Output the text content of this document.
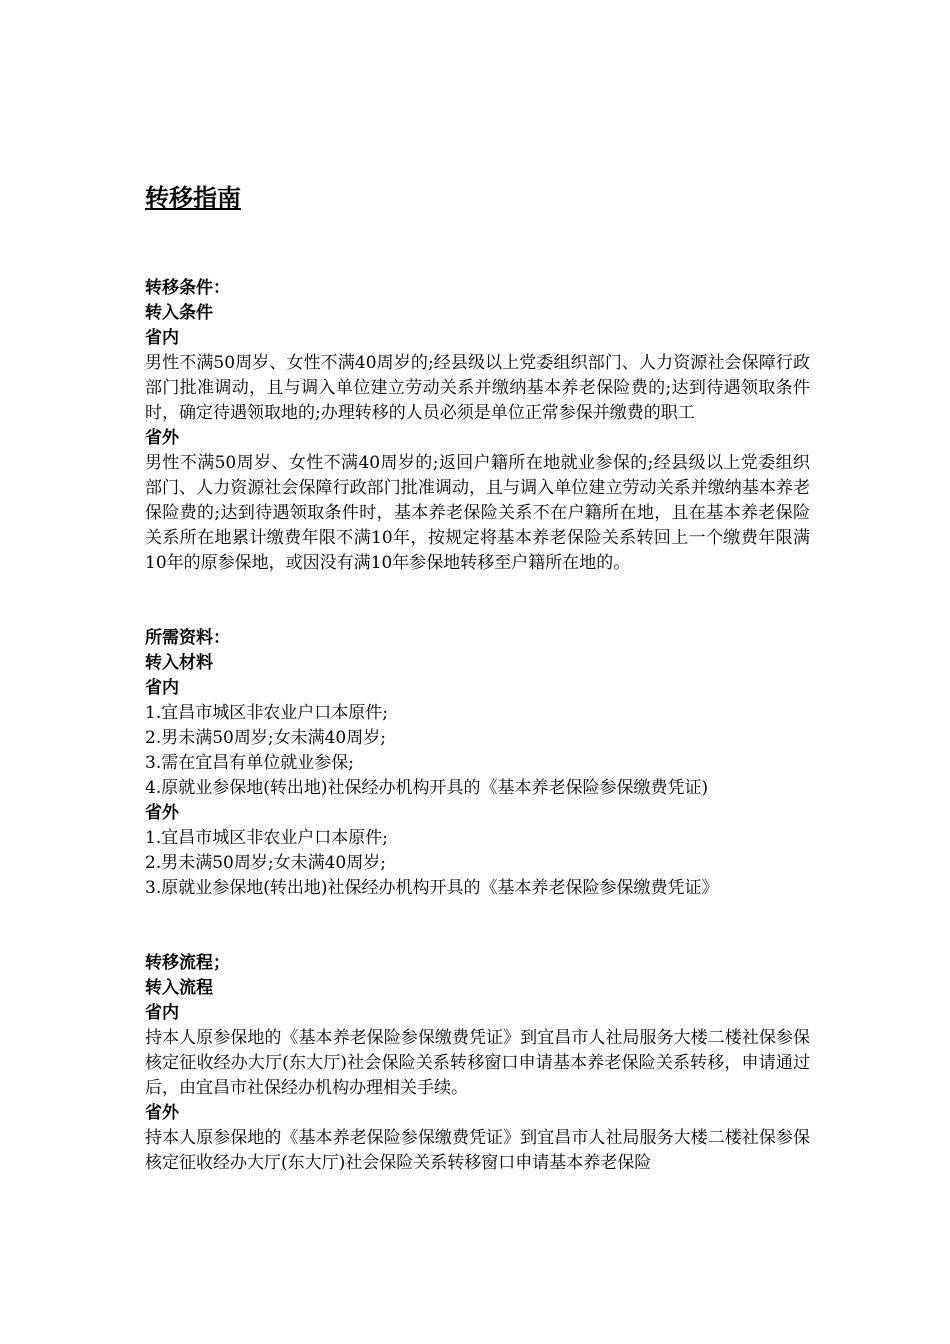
转移指南
转移条件：
转入条件
省内
男性不满50周岁、女性不满40周岁的;经县级以上党委组织部门、人力资源社会保障行政部门批准调动，且与调入单位建立劳动关系并缴纳基本养老保险费的;达到待遇领取条件时，确定待遇领取地的;办理转移的人员必须是单位正常参保并缴费的职工
省外
男性不满50周岁、女性不满40周岁的;返回户籍所在地就业参保的;经县级以上党委组织部门、人力资源社会保障行政部门批准调动，且与调入单位建立劳动关系并缴纳基本养老保险费的;达到待遇领取条件时，基本养老保险关系不在户籍所在地，且在基本养老保险关系所在地累计缴费年限不满10年，按规定将基本养老保险关系转回上一个缴费年限满10年的原参保地，或因没有满10年参保地转移至户籍所在地的。
所需资料：
转入材料
省内
1.宜昌市城区非农业户口本原件;
2.男未满50周岁;女未满40周岁;
3.需在宜昌有单位就业参保;
4.原就业参保地(转出地)社保经办机构开具的《基本养老保险参保缴费凭证)
省外
1.宜昌市城区非农业户口本原件;
2.男未满50周岁;女未满40周岁;
3.原就业参保地(转出地)社保经办机构开具的《基本养老保险参保缴费凭证》
转移流程；
转入流程
省内
持本人原参保地的《基本养老保险参保缴费凭证》到宜昌市人社局服务大楼二楼社保参保核定征收经办大厅(东大厅)社会保险关系转移窗口申请基本养老保险关系转移，申请通过后，由宜昌市社保经办机构办理相关手续。
省外
持本人原参保地的《基本养老保险参保缴费凭证》到宜昌市人社局服务大楼二楼社保参保核定征收经办大厅(东大厅)社会保险关系转移窗口申请基本养老保险
